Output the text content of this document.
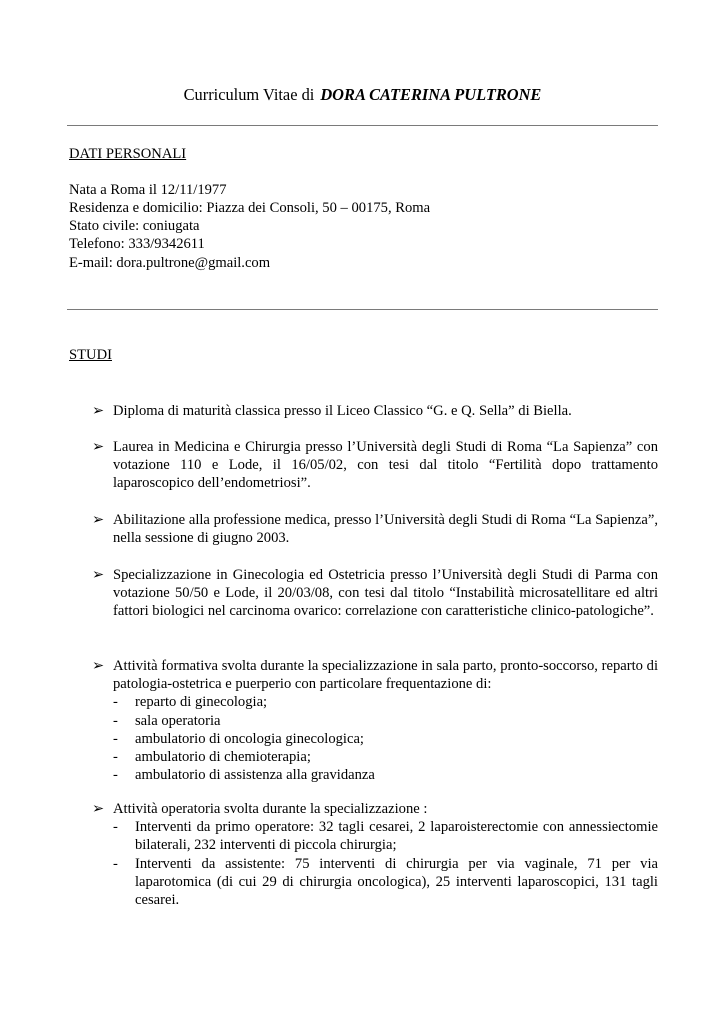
Curriculum Vitae di DORA CATERINA PULTRONE
DATI PERSONALI
Nata a Roma il 12/11/1977
Residenza e domicilio: Piazza dei Consoli, 50 – 00175, Roma
Stato civile: coniugata
Telefono: 333/9342611
E-mail: dora.pultrone@gmail.com
STUDI
➢ Diploma di maturità classica presso il Liceo Classico “G. e Q. Sella” di Biella.
➢ Laurea in Medicina e Chirurgia presso l’Università degli Studi di Roma “La Sapienza” con votazione 110 e Lode, il 16/05/02, con tesi dal titolo “Fertilità dopo trattamento laparoscopico dell’endometriosi”.
➢ Abilitazione alla professione medica, presso l’Università degli Studi di Roma “La Sapienza”, nella sessione di giugno 2003.
➢ Specializzazione in Ginecologia ed Ostetricia presso l’Università degli Studi di Parma con votazione 50/50 e Lode, il 20/03/08, con tesi dal titolo “Instabilità microsatellitare ed altri fattori biologici nel carcinoma ovarico: correlazione con caratteristiche clinico-patologiche”.
➢ Attività formativa svolta durante la specializzazione in sala parto, pronto-soccorso, reparto di patologia-ostetrica e puerperio con particolare frequentazione di:
- reparto di ginecologia;
- sala operatoria
- ambulatorio di oncologia ginecologica;
- ambulatorio di chemioterapia;
- ambulatorio di assistenza alla gravidanza
➢ Attività operatoria svolta durante la specializzazione :
- Interventi da primo operatore: 32 tagli cesarei, 2 laparoisterectomie con annessiectomie bilaterali, 232 interventi di piccola chirurgia;
- Interventi da assistente: 75 interventi di chirurgia per via vaginale, 71 per via laparotomica (di cui 29 di chirurgia oncologica), 25 interventi laparoscopici, 131 tagli cesarei.
